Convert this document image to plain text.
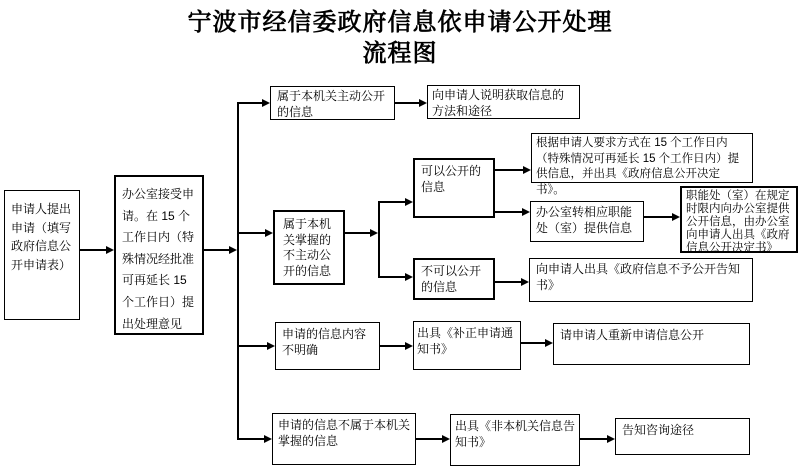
宁波市经信委政府信息依申请公开处理
流程图
申请人提出申请（填写政府信息公开申请表）
办公室接受申请。在 15 个工作日内（特殊情况经批准可再延长 15 个工作日）提出处理意见
属于本机关主动公开的信息
向申请人说明获取信息的方法和途径
属于本机关掌握的不主动公开的信息
可以公开的信息
根据申请人要求方式在 15 个工作日内（特殊情况可再延长 15 个工作日内）提供信息，并出具《政府信息公开决定书》。
办公室转相应职能处（室）提供信息
职能处（室）在规定时限内向办公室提供公开信息，由办公室向申请人出具《政府信息公开决定书》
不可以公开的信息
向申请人出具《政府信息不予公开告知书》
申请的信息内容不明确
出具《补正申请通知书》
请申请人重新申请信息公开
申请的信息不属于本机关掌握的信息
出具《非本机关信息告知书》
告知咨询途径
